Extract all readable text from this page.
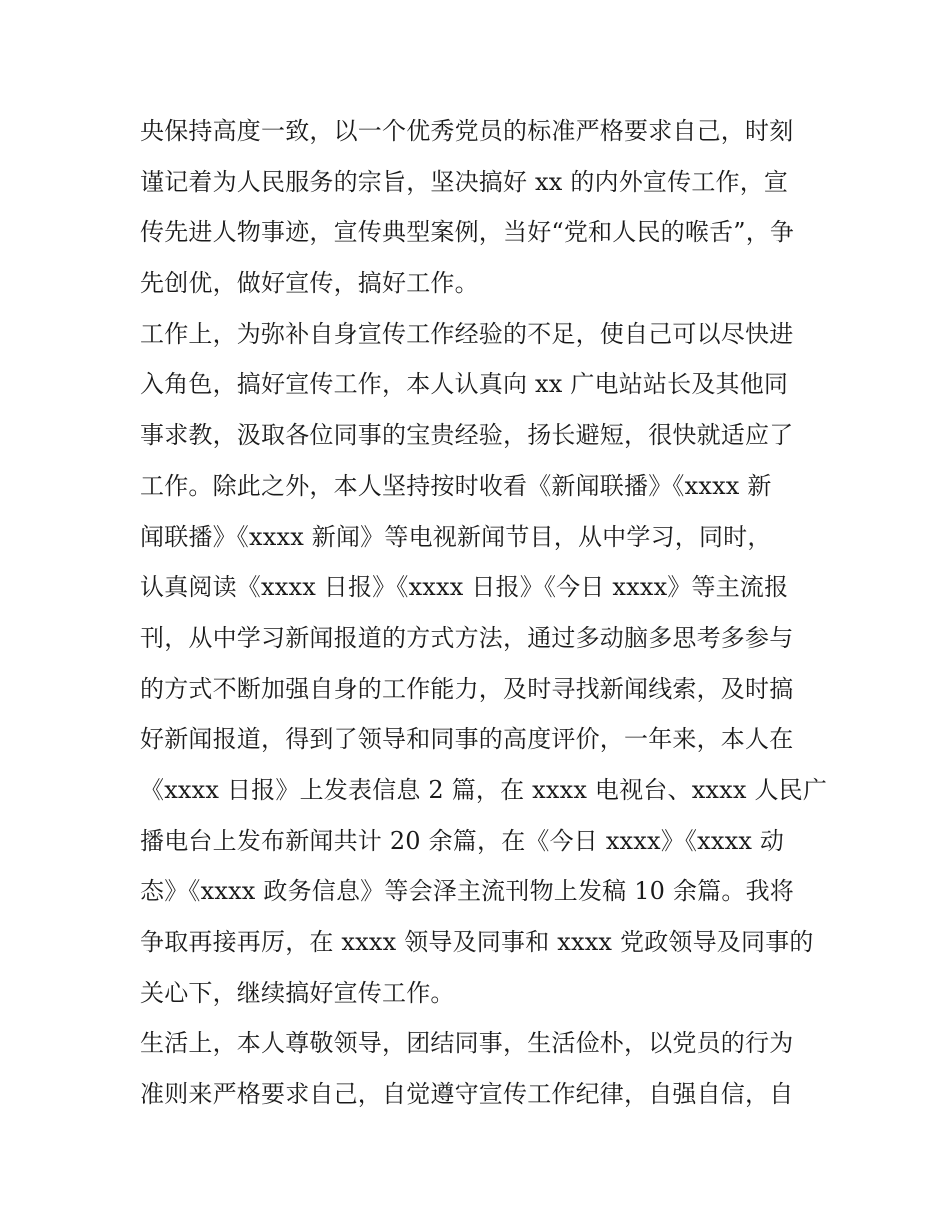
央保持高度一致，以一个优秀党员的标准严格要求自己，时刻
谨记着为人民服务的宗旨，坚决搞好 xx 的内外宣传工作，宣
传先进人物事迹，宣传典型案例，当好“党和人民的喉舌”，争
先创优，做好宣传，搞好工作。
工作上，为弥补自身宣传工作经验的不足，使自己可以尽快进
入角色，搞好宣传工作，本人认真向 xx 广电站站长及其他同
事求教，汲取各位同事的宝贵经验，扬长避短，很快就适应了
工作。除此之外，本人坚持按时收看《新闻联播》《xxxx 新
闻联播》《xxxx 新闻》等电视新闻节目，从中学习，同时，
认真阅读《xxxx 日报》《xxxx 日报》《今日 xxxx》等主流报
刊，从中学习新闻报道的方式方法，通过多动脑多思考多参与
的方式不断加强自身的工作能力，及时寻找新闻线索，及时搞
好新闻报道，得到了领导和同事的高度评价，一年来，本人在
《xxxx 日报》上发表信息 2 篇，在 xxxx 电视台、xxxx 人民广
播电台上发布新闻共计 20 余篇，在《今日 xxxx》《xxxx 动
态》《xxxx 政务信息》等会泽主流刊物上发稿 10 余篇。我将
争取再接再厉，在 xxxx 领导及同事和 xxxx 党政领导及同事的
关心下，继续搞好宣传工作。
生活上，本人尊敬领导，团结同事，生活俭朴，以党员的行为
准则来严格要求自己，自觉遵守宣传工作纪律，自强自信，自
